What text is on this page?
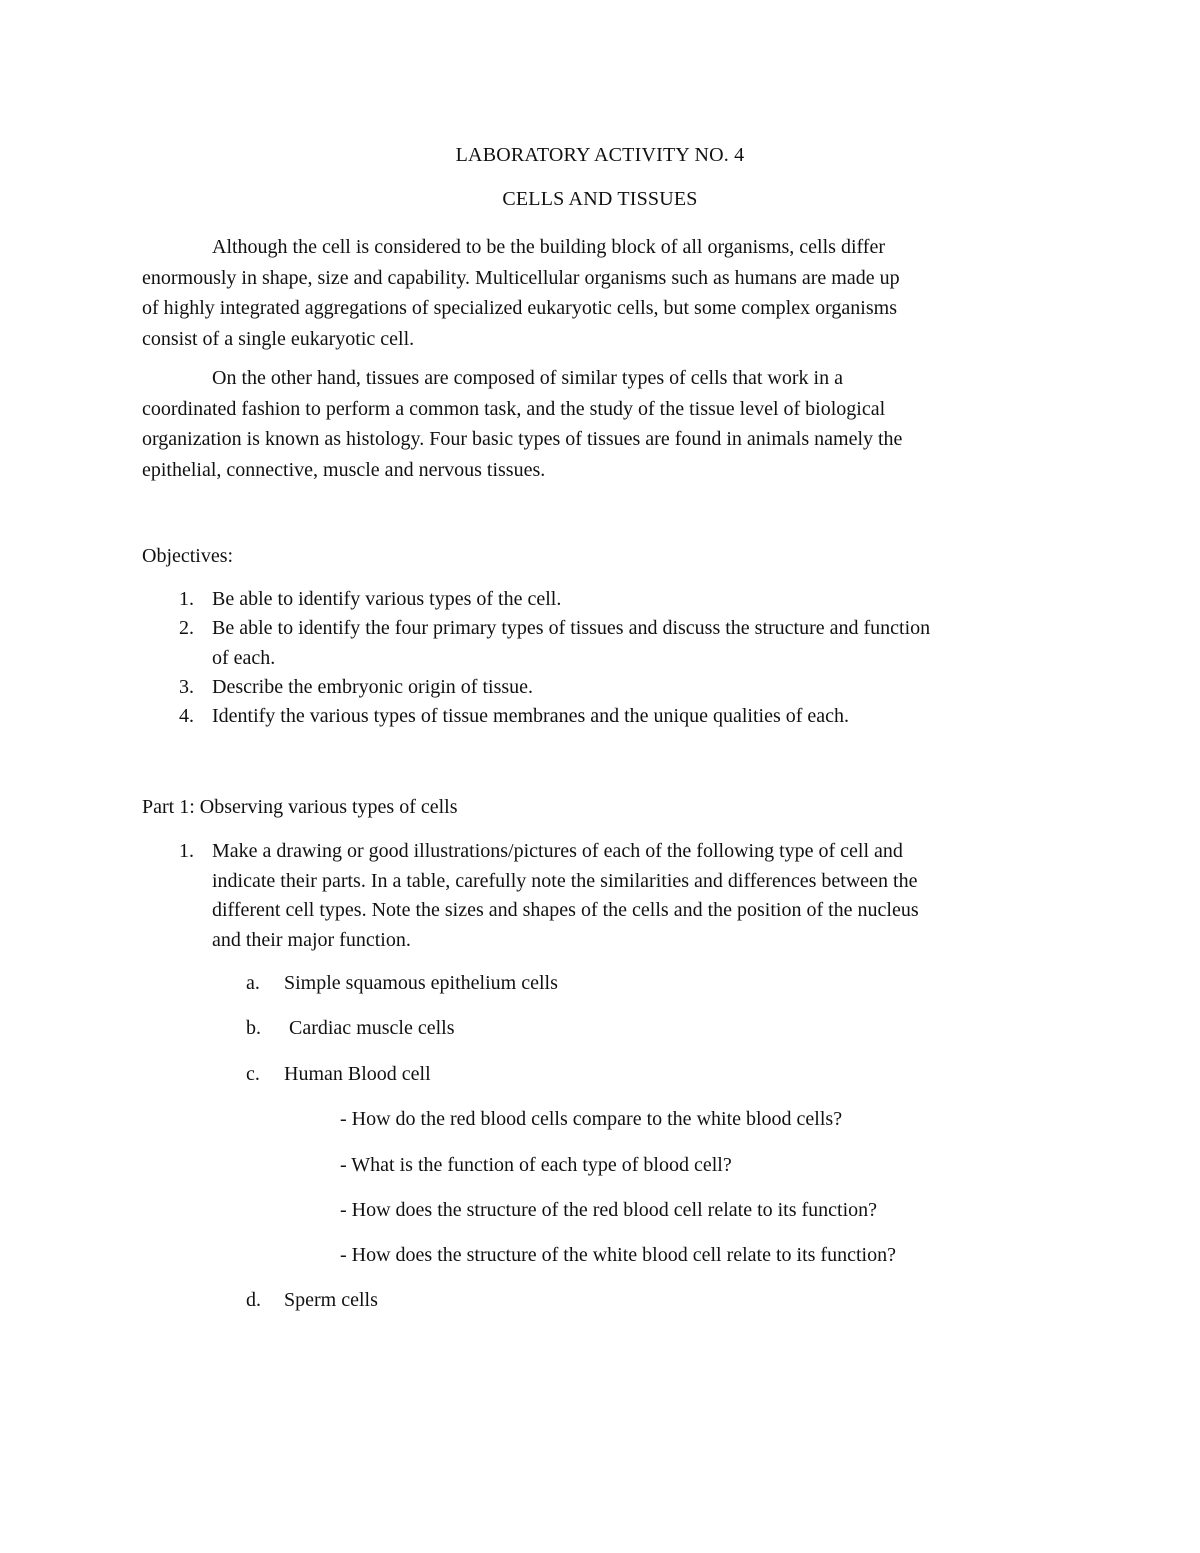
LABORATORY ACTIVITY NO. 4
CELLS AND TISSUES
Although the cell is considered to be the building block of all organisms, cells differ
enormously in shape, size and capability. Multicellular organisms such as humans are made up
of highly integrated aggregations of specialized eukaryotic cells, but some complex organisms
consist of a single eukaryotic cell.
On the other hand, tissues are composed of similar types of cells that work in a
coordinated fashion to perform a common task, and the study of the tissue level of biological
organization is known as histology. Four basic types of tissues are found in animals namely the
epithelial, connective, muscle and nervous tissues.
Objectives:
1. Be able to identify various types of the cell.
2. Be able to identify the four primary types of tissues and discuss the structure and function
of each.
3. Describe the embryonic origin of tissue.
4. Identify the various types of tissue membranes and the unique qualities of each.
Part 1: Observing various types of cells
1. Make a drawing or good illustrations/pictures of each of the following type of cell and
indicate their parts. In a table, carefully note the similarities and differences between the
different cell types. Note the sizes and shapes of the cells and the position of the nucleus
and their major function.
a. Simple squamous epithelium cells
b. Cardiac muscle cells
c. Human Blood cell
- How do the red blood cells compare to the white blood cells?
- What is the function of each type of blood cell?
- How does the structure of the red blood cell relate to its function?
- How does the structure of the white blood cell relate to its function?
d. Sperm cells
